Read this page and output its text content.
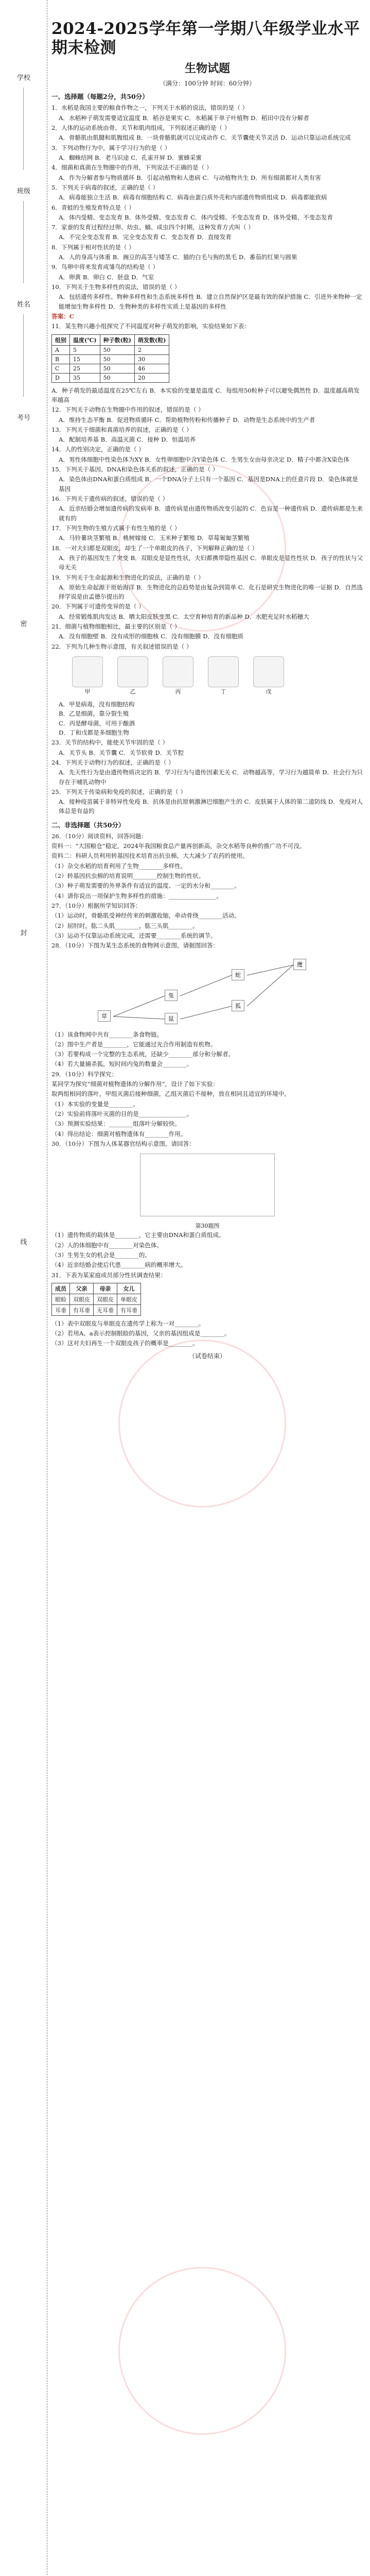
学校
班级
姓名
考号
密
封
线
2024-2025学年第一学期八年级学业水平期末检测
生物试题
（满分：100分钟 时间：60分钟）
一、选择题（每题2分，共50分）
1．水稻是我国主要的粮食作物之一，下列关于水稻的说法，错误的是（ ）
A．水稻种子萌发需要适宜温度 B．稻谷是果实 C．水稻属于单子叶植物 D．稻田中没有分解者
2．人体的运动系统由骨、关节和肌肉组成，下列叙述正确的是（ ）
A．骨骼肌由肌腱和肌腹组成 B．一块骨骼肌就可以完成动作 C．关节囊使关节灵活 D．运动只靠运动系统完成
3．下列动物行为中，属于学习行为的是（ ）
A．蜘蛛结网 B．老马识途 C．孔雀开屏 D．蜜蜂采蜜
4．细菌和真菌在生物圈中的作用，下列说法不正确的是（ ）
A．作为分解者参与物质循环 B．引起动植物和人患病 C．与动植物共生 D．所有细菌都对人类有害
5．下列关于病毒的叙述，正确的是（ ）
A．病毒能独立生活 B．病毒有细胞结构 C．病毒由蛋白质外壳和内部遗传物质组成 D．病毒都能致病
6．青蛙的生殖发育特点是（ ）
A．体内受精、变态发育 B．体外受精、变态发育 C．体内受精、不变态发育 D．体外受精、不变态发育
7．家蚕的发育过程经过卵、幼虫、蛹、成虫四个时期，这种发育方式叫（ ）
A．不完全变态发育 B．完全变态发育 C．变态发育 D．直接发育
8．下列属于相对性状的是（ ）
A．人的身高与体重 B．豌豆的高茎与矮茎 C．猫的白毛与狗的黑毛 D．番茄的红果与圆果
9．鸟卵中将来发育成雏鸟的结构是（ ）
A．卵黄 B．卵白 C．胚盘 D．气室
10．下列关于生物多样性的说法，错误的是（ ）
A．包括遗传多样性、物种多样性和生态系统多样性 B．建立自然保护区是最有效的保护措施 C．引进外来物种一定能增加生物多样性 D．生物种类的多样性实质上是基因的多样性
答案：C
11．某生物兴趣小组探究了不同温度对种子萌发的影响，实验结果如下表：
组别	温度(℃)	种子数(粒)	萌发数(粒)
A	5	50	2
B	15	50	30
C	25	50	46
D	35	50	20
A．种子萌发的最适温度在25℃左右 B．本实验的变量是温度 C．每组用50粒种子可以避免偶然性 D．温度越高萌发率越高
12．下列关于动物在生物圈中作用的叙述，错误的是（ ）
A．维持生态平衡 B．促进物质循环 C．帮助植物传粉和传播种子 D．动物是生态系统中的生产者
13．下列关于细菌和真菌培养的叙述，正确的是（ ）
A．配制培养基 B．高温灭菌 C．接种 D．恒温培养
14．人的性别决定，正确的是（ ）
A．男性体细胞中性染色体为XY B．女性卵细胞中含Y染色体 C．生男生女由母亲决定 D．精子中都含X染色体
15．下列关于基因、DNA和染色体关系的叙述，正确的是（ ）
A．染色体由DNA和蛋白质组成 B．一个DNA分子上只有一个基因 C．基因是DNA上的任意片段 D．染色体就是基因
16．下列关于遗传病的叙述，错误的是（ ）
A．近亲结婚会增加遗传病的发病率 B．遗传病是由遗传物质改变引起的 C．色盲是一种遗传病 D．遗传病都是生来就有的
17．下列生物的生殖方式属于有性生殖的是（ ）
A．马铃薯块茎繁殖 B．桃树嫁接 C．玉米种子繁殖 D．草莓匍匐茎繁殖
18．一对夫妇都是双眼皮，却生了一个单眼皮的孩子，下列解释正确的是（ ）
A．孩子的基因发生了突变 B．双眼皮是显性性状，夫妇都携带隐性基因 C．单眼皮是显性性状 D．孩子的性状与父母无关
19．下列关于生命起源和生物进化的说法，正确的是（ ）
A．原始生命起源于原始海洋 B．生物进化的总趋势是由复杂到简单 C．化石是研究生物进化的唯一证据 D．自然选择学说是由孟德尔提出的
20．下列属于可遗传变异的是（ ）
A．经常锻炼肌肉发达 B．晒太阳皮肤变黑 C．太空育种培育的新品种 D．水肥充足时水稻穗大
21．细菌与植物细胞相比，最主要的区别是（ ）
A．没有细胞壁 B．没有成形的细胞核 C．没有细胞膜 D．没有细胞质
22．下列为几种生物示意图，有关叙述错误的是（ ）
甲	乙	丙	丁	戊
A．甲是病毒，没有细胞结构
B．乙是细菌，靠分裂生殖
C．丙是酵母菌，可用于酿酒
D．丁和戊都是多细胞生物
23．关节的结构中，能使关节牢固的是（ ）
A．关节头 B．关节囊 C．关节软骨 D．关节腔
24．下列关于动物行为的叙述，正确的是（ ）
A．先天性行为是由遗传物质决定的 B．学习行为与遗传因素无关 C．动物越高等，学习行为越简单 D．社会行为只存在于哺乳动物中
25．下列关于传染病和免疫的叙述，正确的是（ ）
A．接种疫苗属于非特异性免疫 B．抗体是由抗原刺激淋巴细胞产生的 C．皮肤属于人体的第二道防线 D．免疫对人体总是有益的
二、非选择题（共50分）
26．（10分）阅读资料，回答问题：
资料一：“大国粮仓”稳定，2024年我国粮食总产量再创新高，杂交水稻等良种的推广功不可没。
资料二：科研人员利用转基因技术培育出抗虫棉，大大减少了农药的使用。
（1）杂交水稻的培育利用了生物________多样性。
（2）转基因抗虫棉的培育说明________控制生物的性状。
（3）种子萌发需要的外界条件有适宜的温度、一定的水分和________。
（4）请你说出一项保护生物多样性的措施：________________。
27．（10分）根据所学知识回答：
（1）运动时，骨骼肌受神经传来的刺激收缩，牵动骨绕________活动。
（2）屈肘时，肱二头肌________，肱三头肌________。
（3）运动不仅靠运动系统完成，还需要________系统的调节。
28．（10分）下图为某生态系统的食物网示意图，请据图回答：
草
兔
鼠
蛇
狐
鹰
（1）该食物网中共有________条食物链。
（2）图中生产者是________，它能通过光合作用制造有机物。
（3）若要构成一个完整的生态系统，还缺少________部分和分解者。
（4）若大量捕杀狐，短时间内兔的数量会________。
29．（10分）科学探究：
某同学为探究“细菌对植物遗体的分解作用”，设计了如下实验：
取两组相同的落叶，甲组灭菌后接种细菌，乙组灭菌后不接种，放在相同且适宜的环境中。
（1）本实验的变量是________。
（2）实验前将落叶灭菌的目的是________________。
（3）预测实验结果：________组落叶分解较快。
（4）得出结论：细菌对植物遗体有________作用。
30．（10分）下图为人体某器官结构示意图，请回答：
第30题图
（1）遗传物质的载体是________，它主要由DNA和蛋白质组成。
（2）人的体细胞中有________对染色体。
（3）生男生女的机会是________的。
（4）近亲结婚会使后代患________病的概率增大。
31．下表为某家庭成员部分性状调查结果：
成员	父亲	母亲	女儿
眼睑	双眼皮	双眼皮	单眼皮
耳垂	有耳垂	无耳垂	有耳垂
（1）表中双眼皮与单眼皮在遗传学上称为一对________。
（2）若用A、a表示控制眼睑的基因，父亲的基因组成是________。
（3）这对夫妇再生一个双眼皮孩子的概率是________。
（试卷结束）
